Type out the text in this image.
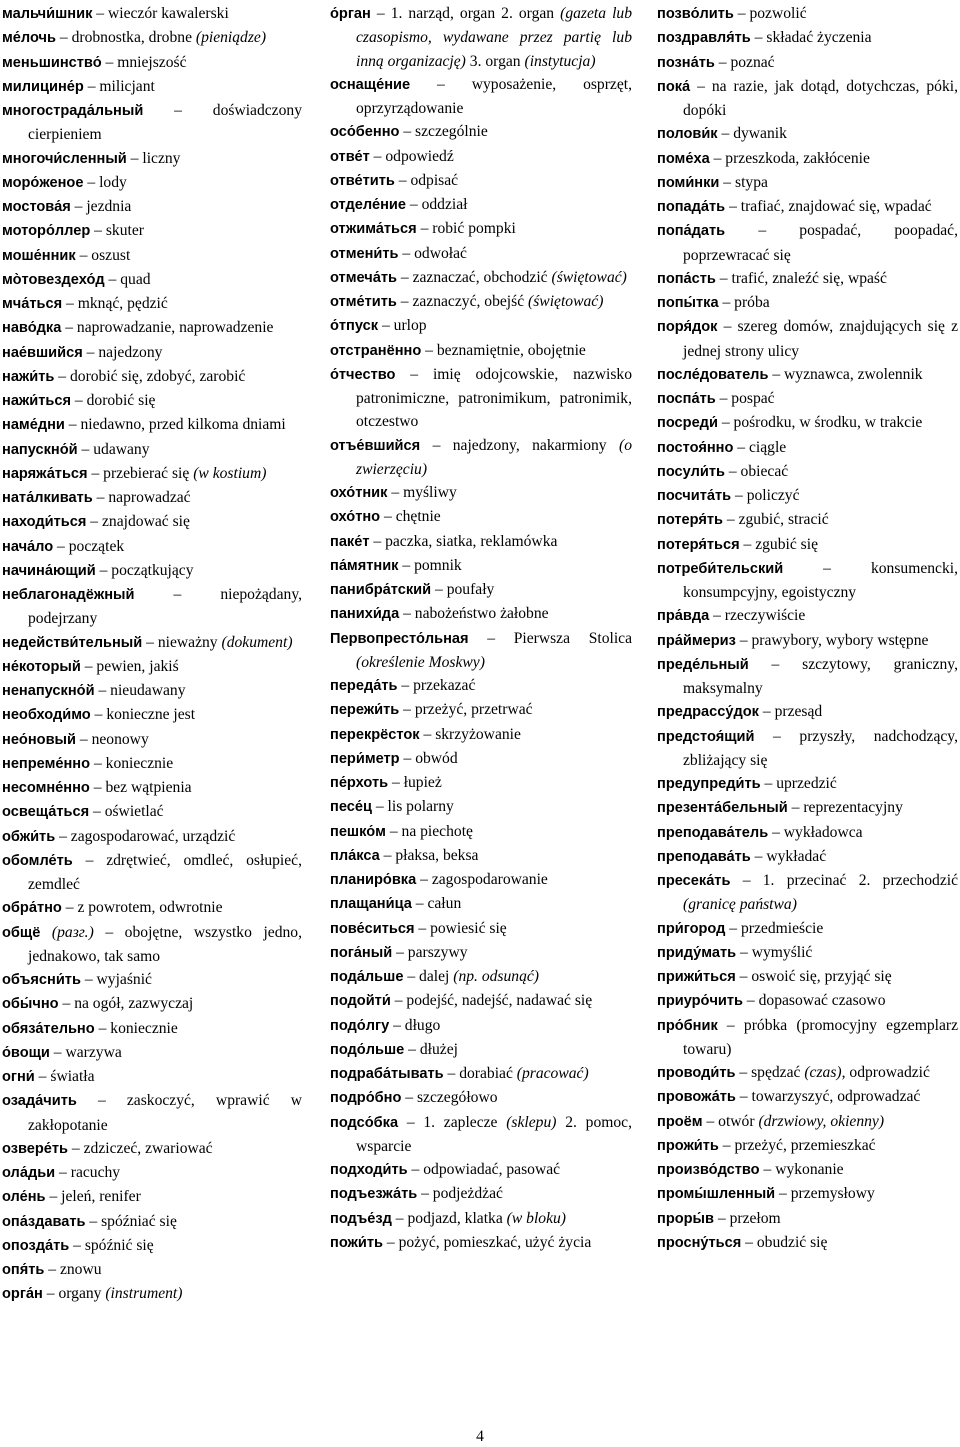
мальчи́шник – wieczór kawalerski

ме́лочь – drobnostka, drobne (pieniądze)

меньшинство́ – mniejszość

милицине́р – milicjant

многострада́льный – doświadczony cierpieniem

многочи́сленный – liczny

моро́женое – lody

мостова́я – jezdnia

моторо́ллер – skuter

моше́нник – oszust

мо̀товездехо́д – quad

мча́ться – mknąć, pędzić

наво́дка – naprowadzanie, naprowadzenie

нае́вшийся – najedzony

нажи́ть – dorobić się, zdobyć, zarobić

нажи́ться – dorobić się

наме́дни – niedawno, przed kilkoma dniami

напускно́й – udawany

наряжа́ться – przebierać się (w kostium)

ната́лкивать – naprowadzać

находи́ться – znajdować się

нача́ло – początek

начина́ющий – początkujący

неблагонадёжный – niepożądany, podejrzany

недействи́тельный – nieważny (dokument)

не́который – pewien, jakiś

ненапускно́й – nieudawany

необходи́мо – konieczne jest

нео́новый – neonowy

непреме́нно – koniecznie

несомне́нно – bez wątpienia

освеща́ться – oświetlać

обжи́ть – zagospodarować, urządzić

обомле́ть – zdrętwieć, omdleć, osłupieć, zemdleć

обра́тно – z powrotem, odwrotnie

общё (разг.) – obojętne, wszystko jedno, jednakowo, tak samo

объясни́ть – wyjaśnić

обы́чно – na ogół, zazwyczaj

обяза́тельно – koniecznie

о́вощи – warzywa

огни́ – światła

озада́чить – zaskoczyć, wprawić w zakłopotanie

озвере́ть – zdziczeć, zwariować

ола́дьи – racuchy

оле́нь – jeleń, renifer

опа́здавать – spóźniać się

опозда́ть – spóźnić się

опя́ть – znowu

орга́н – organy (instrument)

о́рган – 1. narząd, organ 2. organ (gazeta lub czasopismo, wydawane przez partię lub inną organizację) 3. organ (instytucja)

оснаще́ние – wyposażenie, osprzęt, oprzyrządowanie

осо́бенно – szczególnie

отве́т – odpowiedź

отве́тить – odpisać

отделе́ние – oddział

отжима́ться – robić pompki

отмени́ть – odwołać

отмеча́ть – zaznaczać, obchodzić (świętować)

отме́тить – zaznaczyć, obejść (świętować)

о́тпуск – urlop

отстранённо – beznamiętnie, obojętnie

о́тчество – imię odojcowskie, nazwisko patronimiczne, patronimikum, patronimik, otczestwo

отъе́вшийся – najedzony, nakarmiony (o zwierzęciu)

охо́тник – myśliwy

охо́тно – chętnie

паке́т – paczka, siatka, reklamówka

па́мятник – pomnik

панибра́тский – poufały

панихи́да – nabożeństwo żałobne

Первопресто́льная – Pierwsza Stolica (określenie Moskwy)

переда́ть – przekazać

пережи́ть – przeżyć, przetrwać

перекрёсток – skrzyżowanie

пери́метр – obwód

пе́рхоть – łupież

песе́ц – lis polarny

пешко́м – na piechotę

пла́кса – płaksa, beksa

планиро́вка – zagospodarowanie

плащани́ца – całun

пове́ситься – powiesić się

пога́ный – parszywy

пода́льше – dalej (np. odsunąć)

подойти́ – podejść, nadejść, nadawać się

подо́лгу – długo

подо́льше – dłużej

подраба́тывать – dorabiać (pracować)

подро́бно – szczegółowo

подсо́бка – 1. zaplecze (sklepu) 2. pomoc, wsparcie

подходи́ть – odpowiadać, pasować

подъезжа́ть – podjeżdżać

подъе́зд – podjazd, klatka (w bloku)

пожи́ть – pożyć, pomieszkać, użyć życia

позво́лить – pozwolić

поздравля́ть – składać życzenia

позна́ть – poznać

пока́ – na razie, jak dotąd, dotychczas, póki, dopóki

полови́к – dywanik

поме́ха – przeszkoda, zakłócenie

поми́нки – stypa

попада́ть – trafiać, znajdować się, wpadać

попа́дать – pospadać, poopadać, poprzewracać się

попа́сть – trafić, znaleźć się, wpaść

попы́тка – próba

поря́док – szereg domów, znajdujących się z jednej strony ulicy

после́дователь – wyznawca, zwolennik

поспа́ть – pospać

посреди́ – pośrodku, w środku, w trakcie

постоя́нно – ciągle

посули́ть – obiecać

посчита́ть – policzyć

потеря́ть – zgubić, stracić

потеря́ться – zgubić się

потреби́тельский – konsumencki, konsumpcyjny, egoistyczny

пра́вда – rzeczywiście

пра́ймериз – prawybory, wybory wstępne

преде́льный – szczytowy, graniczny, maksymalny

предрассу́док – przesąd

предстоя́щий – przyszły, nadchodzący, zbliżający się

предупреди́ть – uprzedzić

презента́бельный – reprezentacyjny

преподава́тель – wykładowca

преподава́ть – wykładać

пресека́ть – 1. przecinać 2. przechodzić (granicę państwa)

при́город – przedmieście

приду́мать – wymyślić

прижи́ться – oswoić się, przyjąć się

приуро́чить – dopasować czasowo

про́бник – próbka (promocyjny egzemplarz towaru)

проводи́ть – spędzać (czas), odprowadzić

провожа́ть – towarzyszyć, odprowadzać

проём – otwór (drzwiowy, okienny)

прожи́ть – przeżyć, przemieszkać

произво́дство – wykonanie

промы́шленный – przemysłowy

проры́в – przełom

просну́ться – obudzić się

4
